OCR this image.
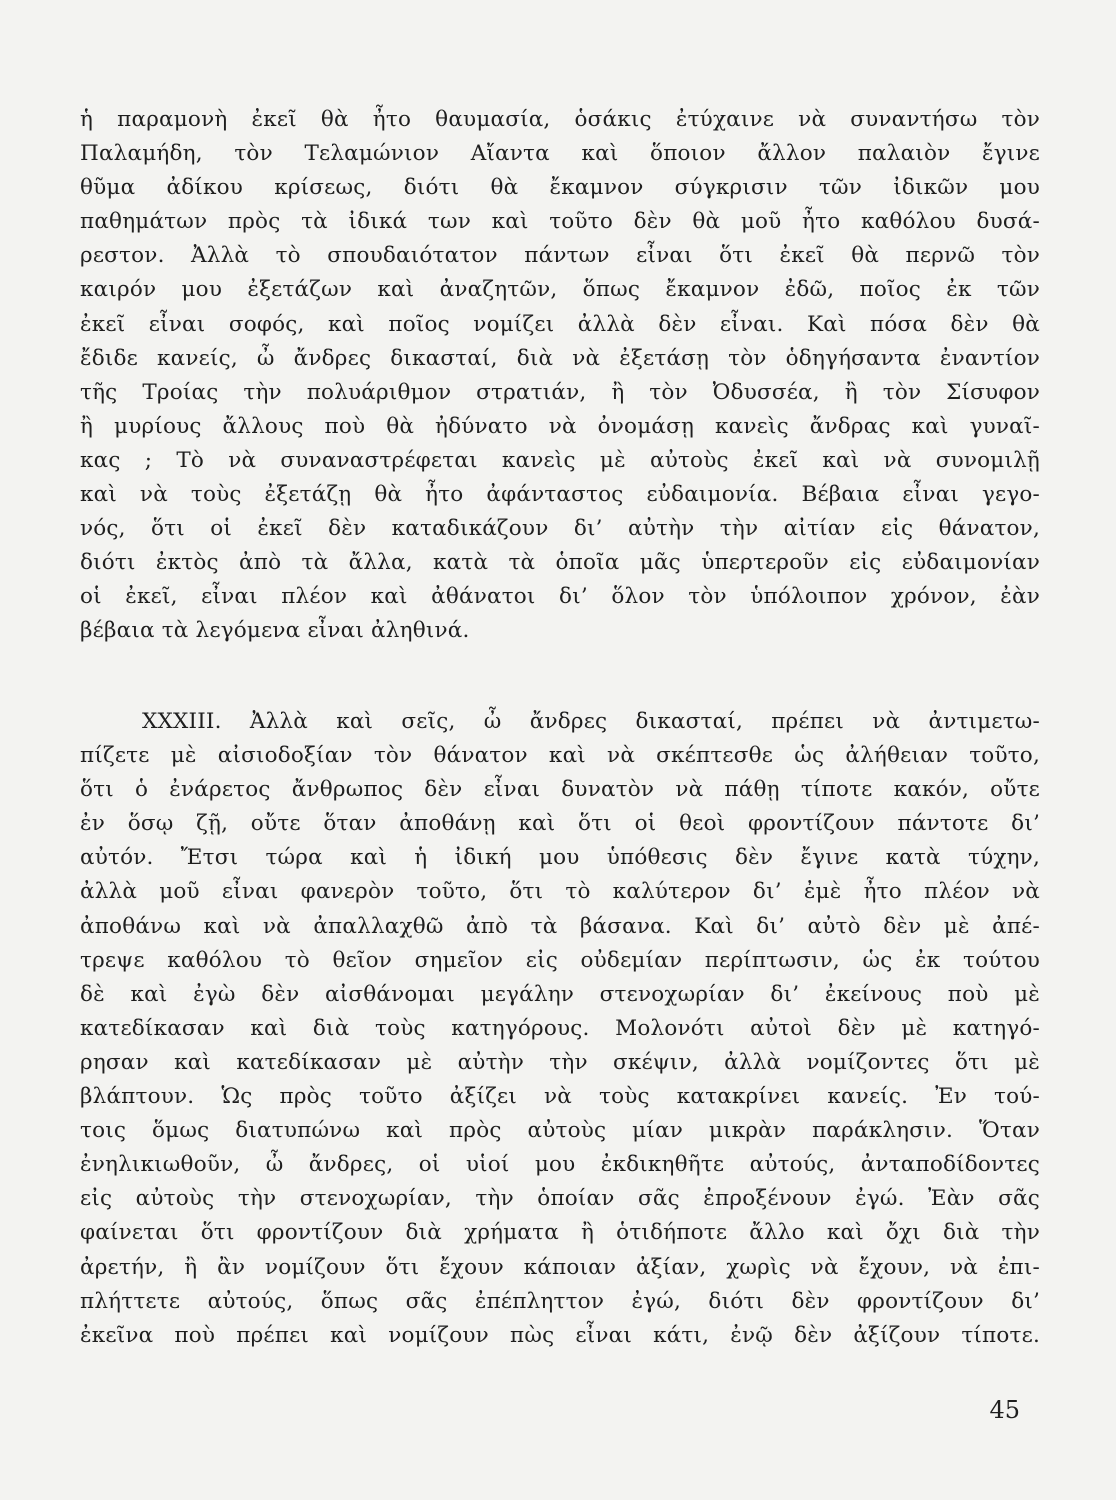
ἡ παραμονὴ ἐκεῖ θὰ ἦτο θαυμασία, ὁσάκις ἐτύχαινε νὰ συναντήσω τὸν
Παλαμήδη, τὸν Τελαμώνιον Αἴαντα καὶ ὅποιον ἄλλον παλαιὸν ἔγινε
θῦμα ἀδίκου κρίσεως, διότι θὰ ἔκαμνον σύγκρισιν τῶν ἰδικῶν μου
παθημάτων πρὸς τὰ ἰδικά των καὶ τοῦτο δὲν θὰ μοῦ ἦτο καθόλου δυσά-
ρεστον. Ἀλλὰ τὸ σπουδαιότατον πάντων εἶναι ὅτι ἐκεῖ θὰ περνῶ τὸν
καιρόν μου ἐξετάζων καὶ ἀναζητῶν, ὅπως ἔκαμνον ἐδῶ, ποῖος ἐκ τῶν
ἐκεῖ εἶναι σοφός, καὶ ποῖος νομίζει ἀλλὰ δὲν εἶναι. Καὶ πόσα δὲν θὰ
ἔδιδε κανείς, ὦ ἄνδρες δικασταί, διὰ νὰ ἐξετάσῃ τὸν ὁδηγήσαντα ἐναντίον
τῆς Τροίας τὴν πολυάριθμον στρατιάν, ἢ τὸν Ὀδυσσέα, ἢ τὸν Σίσυφον
ἢ μυρίους ἄλλους ποὺ θὰ ἠδύνατο νὰ ὀνομάσῃ κανεὶς ἄνδρας καὶ γυναῖ-
κας ; Τὸ νὰ συναναστρέφεται κανεὶς μὲ αὐτοὺς ἐκεῖ καὶ νὰ συνομιλῇ
καὶ νὰ τοὺς ἐξετάζῃ θὰ ἦτο ἀφάνταστος εὐδαιμονία. Βέβαια εἶναι γεγο-
νός, ὅτι οἱ ἐκεῖ δὲν καταδικάζουν δι’ αὐτὴν τὴν αἰτίαν εἰς θάνατον,
διότι ἐκτὸς ἀπὸ τὰ ἄλλα, κατὰ τὰ ὁποῖα μᾶς ὑπερτεροῦν εἰς εὐδαιμονίαν
οἱ ἐκεῖ, εἶναι πλέον καὶ ἀθάνατοι δι’ ὅλον τὸν ὑπόλοιπον χρόνον, ἐὰν
βέβαια τὰ λεγόμενα εἶναι ἀληθινά.
XXXIII. Ἀλλὰ καὶ σεῖς, ὦ ἄνδρες δικασταί, πρέπει νὰ ἀντιμετω-
πίζετε μὲ αἰσιοδοξίαν τὸν θάνατον καὶ νὰ σκέπτεσθε ὡς ἀλήθειαν τοῦτο,
ὅτι ὁ ἐνάρετος ἄνθρωπος δὲν εἶναι δυνατὸν νὰ πάθῃ τίποτε κακόν, οὔτε
ἐν ὅσῳ ζῇ, οὔτε ὅταν ἀποθάνῃ καὶ ὅτι οἱ θεοὶ φροντίζουν πάντοτε δι’
αὐτόν. Ἔτσι τώρα καὶ ἡ ἰδική μου ὑπόθεσις δὲν ἔγινε κατὰ τύχην,
ἀλλὰ μοῦ εἶναι φανερὸν τοῦτο, ὅτι τὸ καλύτερον δι’ ἐμὲ ἦτο πλέον νὰ
ἀποθάνω καὶ νὰ ἀπαλλαχθῶ ἀπὸ τὰ βάσανα. Καὶ δι’ αὐτὸ δὲν μὲ ἀπέ-
τρεψε καθόλου τὸ θεῖον σημεῖον εἰς οὐδεμίαν περίπτωσιν, ὡς ἐκ τούτου
δὲ καὶ ἐγὼ δὲν αἰσθάνομαι μεγάλην στενοχωρίαν δι’ ἐκείνους ποὺ μὲ
κατεδίκασαν καὶ διὰ τοὺς κατηγόρους. Μολονότι αὐτοὶ δὲν μὲ κατηγό-
ρησαν καὶ κατεδίκασαν μὲ αὐτὴν τὴν σκέψιν, ἀλλὰ νομίζοντες ὅτι μὲ
βλάπτουν. Ὡς πρὸς τοῦτο ἀξίζει νὰ τοὺς κατακρίνει κανείς. Ἐν τού-
τοις ὅμως διατυπώνω καὶ πρὸς αὐτοὺς μίαν μικρὰν παράκλησιν. Ὅταν
ἐνηλικιωθοῦν, ὦ ἄνδρες, οἱ υἱοί μου ἐκδικηθῆτε αὐτούς, ἀνταποδίδοντες
εἰς αὐτοὺς τὴν στενοχωρίαν, τὴν ὁποίαν σᾶς ἐπροξένουν ἐγώ. Ἐὰν σᾶς
φαίνεται ὅτι φροντίζουν διὰ χρήματα ἢ ὁτιδήποτε ἄλλο καὶ ὄχι διὰ τὴν
ἀρετήν, ἢ ἂν νομίζουν ὅτι ἔχουν κάποιαν ἀξίαν, χωρὶς νὰ ἔχουν, νὰ ἐπι-
πλήττετε αὐτούς, ὅπως σᾶς ἐπέπληττον ἐγώ, διότι δὲν φροντίζουν δι’
ἐκεῖνα ποὺ πρέπει καὶ νομίζουν πὼς εἶναι κάτι, ἐνῷ δὲν ἀξίζουν τίποτε.
45
